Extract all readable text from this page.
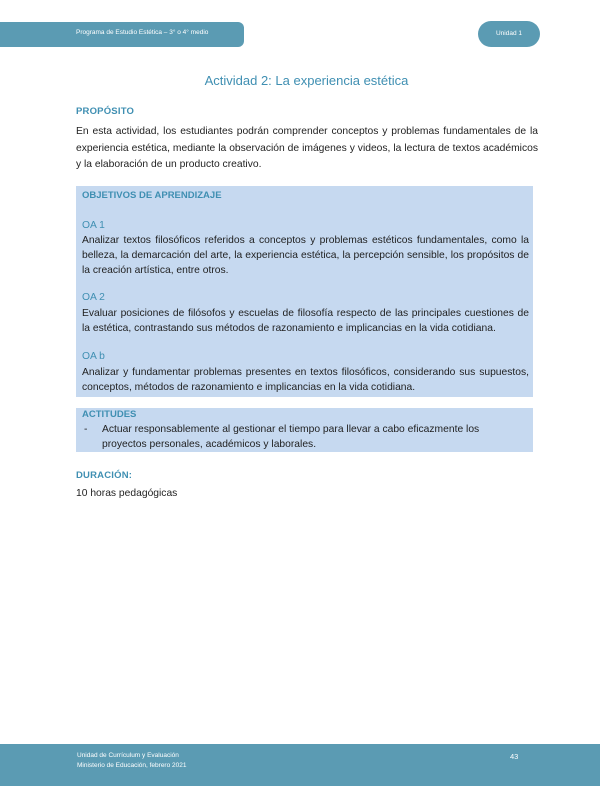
Programa de Estudio Estética – 3° o 4° medio	Unidad 1
Actividad 2: La experiencia estética
PROPÓSITO
En esta actividad, los estudiantes podrán comprender conceptos y problemas fundamentales de la experiencia estética, mediante la observación de imágenes y videos, la lectura de textos académicos y la elaboración de un producto creativo.
OBJETIVOS DE APRENDIZAJE
OA 1
Analizar textos filosóficos referidos a conceptos y problemas estéticos fundamentales, como la belleza, la demarcación del arte, la experiencia estética, la percepción sensible, los propósitos de la creación artística, entre otros.
OA 2
Evaluar posiciones de filósofos y escuelas de filosofía respecto de las principales cuestiones de la estética, contrastando sus métodos de razonamiento e implicancias en la vida cotidiana.
OA b
Analizar y fundamentar problemas presentes en textos filosóficos, considerando sus supuestos, conceptos, métodos de razonamiento e implicancias en la vida cotidiana.
ACTITUDES
- Actuar responsablemente al gestionar el tiempo para llevar a cabo eficazmente los proyectos personales, académicos y laborales.
DURACIÓN:
10 horas pedagógicas
Unidad de Currículum y Evaluación
Ministerio de Educación, febrero 2021
43
